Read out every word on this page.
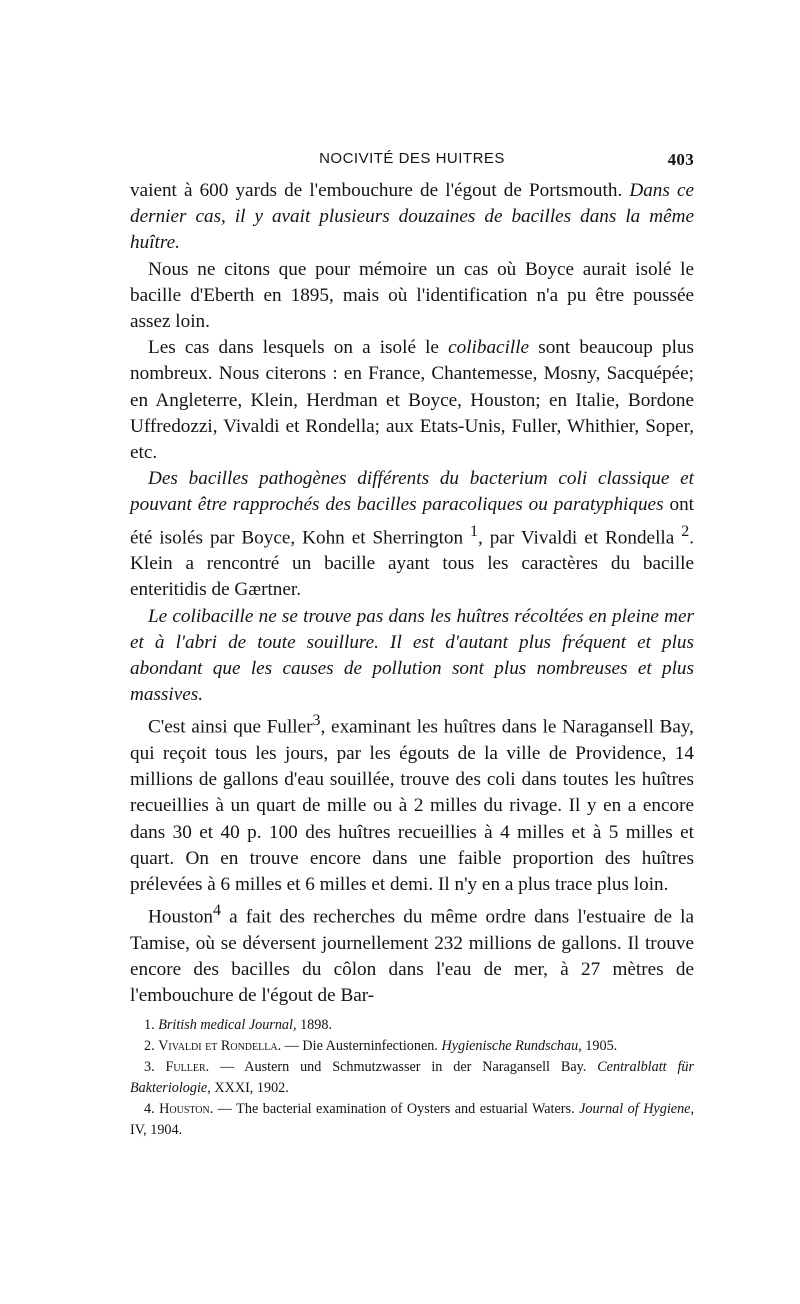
NOCIVITÉ DES HUITRES	403

vaient à 600 yards de l'embouchure de l'égout de Portsmouth. Dans ce dernier cas, il y avait plusieurs douzaines de bacilles dans la même huître.

Nous ne citons que pour mémoire un cas où Boyce aurait isolé le bacille d'Eberth en 1895, mais où l'identification n'a pu être poussée assez loin.

Les cas dans lesquels on a isolé le colibacille sont beaucoup plus nombreux. Nous citerons : en France, Chantemesse, Mosny, Sacquépée; en Angleterre, Klein, Herdman et Boyce, Houston; en Italie, Bordone Uffredozzi, Vivaldi et Rondella; aux Etats-Unis, Fuller, Whithier, Soper, etc.

Des bacilles pathogènes différents du bacterium coli classique et pouvant être rapprochés des bacilles paracoliques ou paratyphiques ont été isolés par Boyce, Kohn et Sherrington $^1$, par Vivaldi et Rondella $^2$. Klein a rencontré un bacille ayant tous les caractères du bacille enteritidis de Gærtner.

Le colibacille ne se trouve pas dans les huîtres récoltées en pleine mer et à l'abri de toute souillure. Il est d'autant plus fréquent et plus abondant que les causes de pollution sont plus nombreuses et plus massives.

C'est ainsi que Fuller$^3$, examinant les huîtres dans le Naragansell Bay, qui reçoit tous les jours, par les égouts de la ville de Providence, 14 millions de gallons d'eau souillée, trouve des coli dans toutes les huîtres recueillies à un quart de mille ou à 2 milles du rivage. Il y en a encore dans 30 et 40 p. 100 des huîtres recueillies à 4 milles et à 5 milles et quart. On en trouve encore dans une faible proportion des huîtres prélevées à 6 milles et 6 milles et demi. Il n'y en a plus trace plus loin.

Houston$^4$ a fait des recherches du même ordre dans l'estuaire de la Tamise, où se déversent journellement 232 millions de gallons. Il trouve encore des bacilles du côlon dans l'eau de mer, à 27 mètres de l'embouchure de l'égout de Bar-

1. British medical Journal, 1898.

2. Vivaldi et Rondella. — Die Austerninfectionen. Hygienische Rundschau, 1905.

3. Fuller. — Austern und Schmutzwasser in der Naragansell Bay. Centralblatt für Bakteriologie, XXXI, 1902.

4. Houston. — The bacterial examination of Oysters and estuarial Waters. Journal of Hygiene, IV, 1904.
